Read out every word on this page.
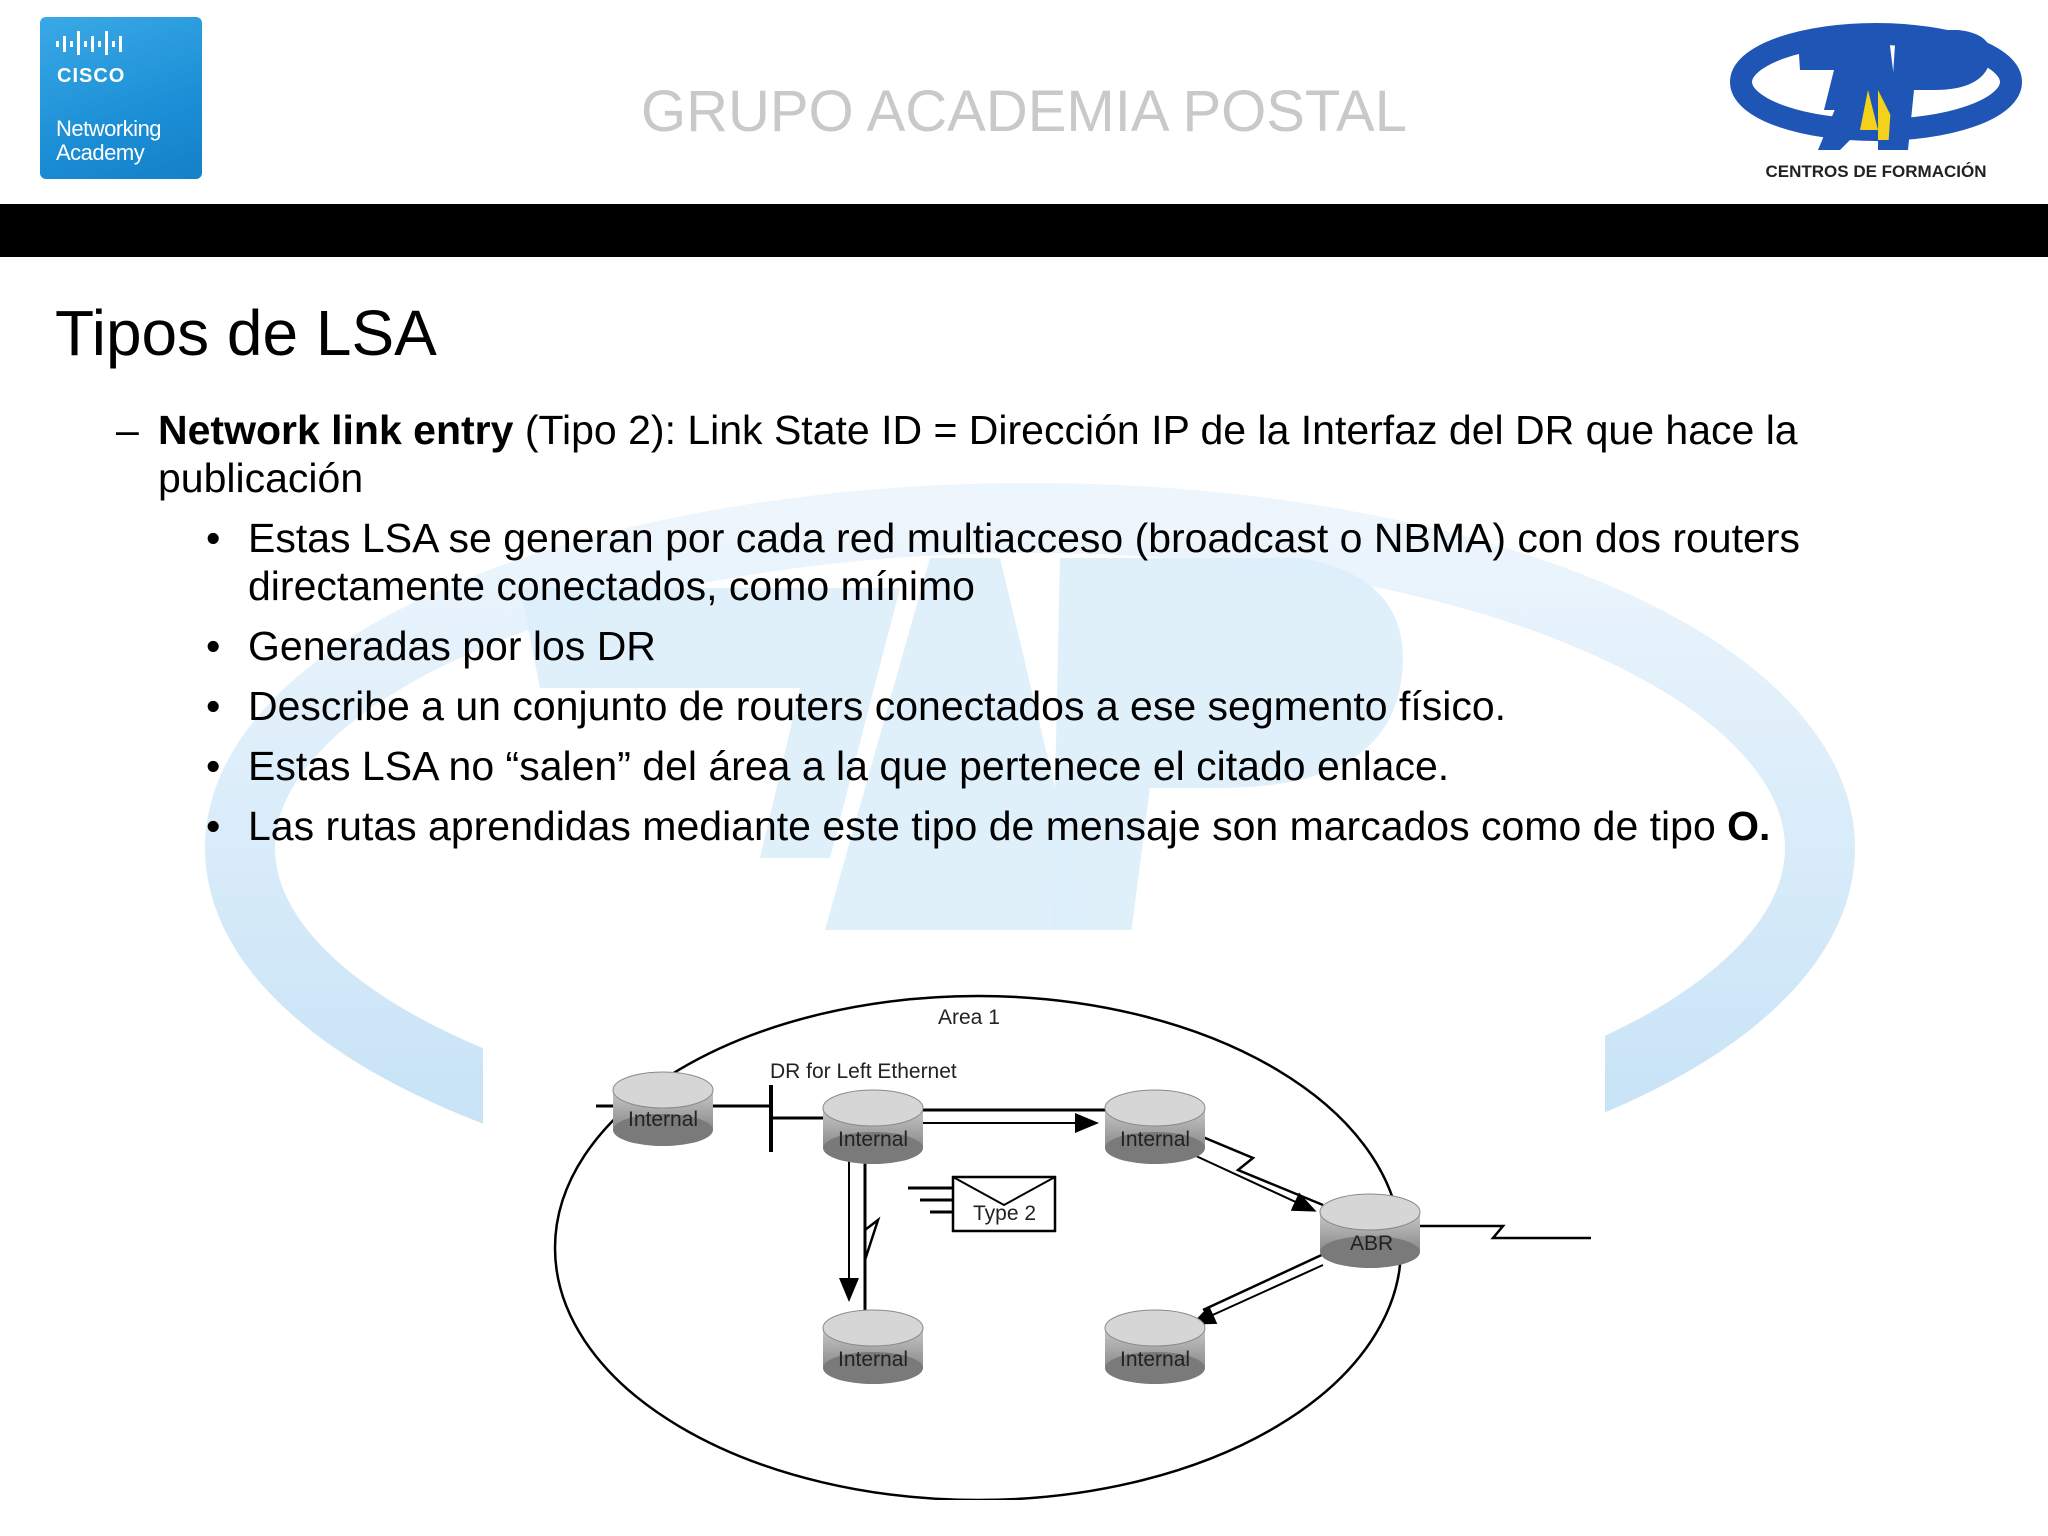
CISCO
Networking
Academy
GRUPO ACADEMIA POSTAL
CENTROS DE FORMACIÓN
Tipos de LSA
– Network link entry (Tipo 2): Link State ID = Dirección IP de la Interfaz del DR que hace la publicación
• Estas LSA se generan por cada red multiacceso (broadcast o NBMA) con dos routers directamente conectados, como mínimo
• Generadas por los DR
• Describe a un conjunto de routers conectados a ese segmento físico.
• Estas LSA no “salen” del área a la que pertenece el citado enlace.
• Las rutas aprendidas mediante este tipo de mensaje son marcados como de tipo O.
Area 1
DR for Left Ethernet
Type 2
Internal
Internal	Internal
ABR
Internal	Internal
